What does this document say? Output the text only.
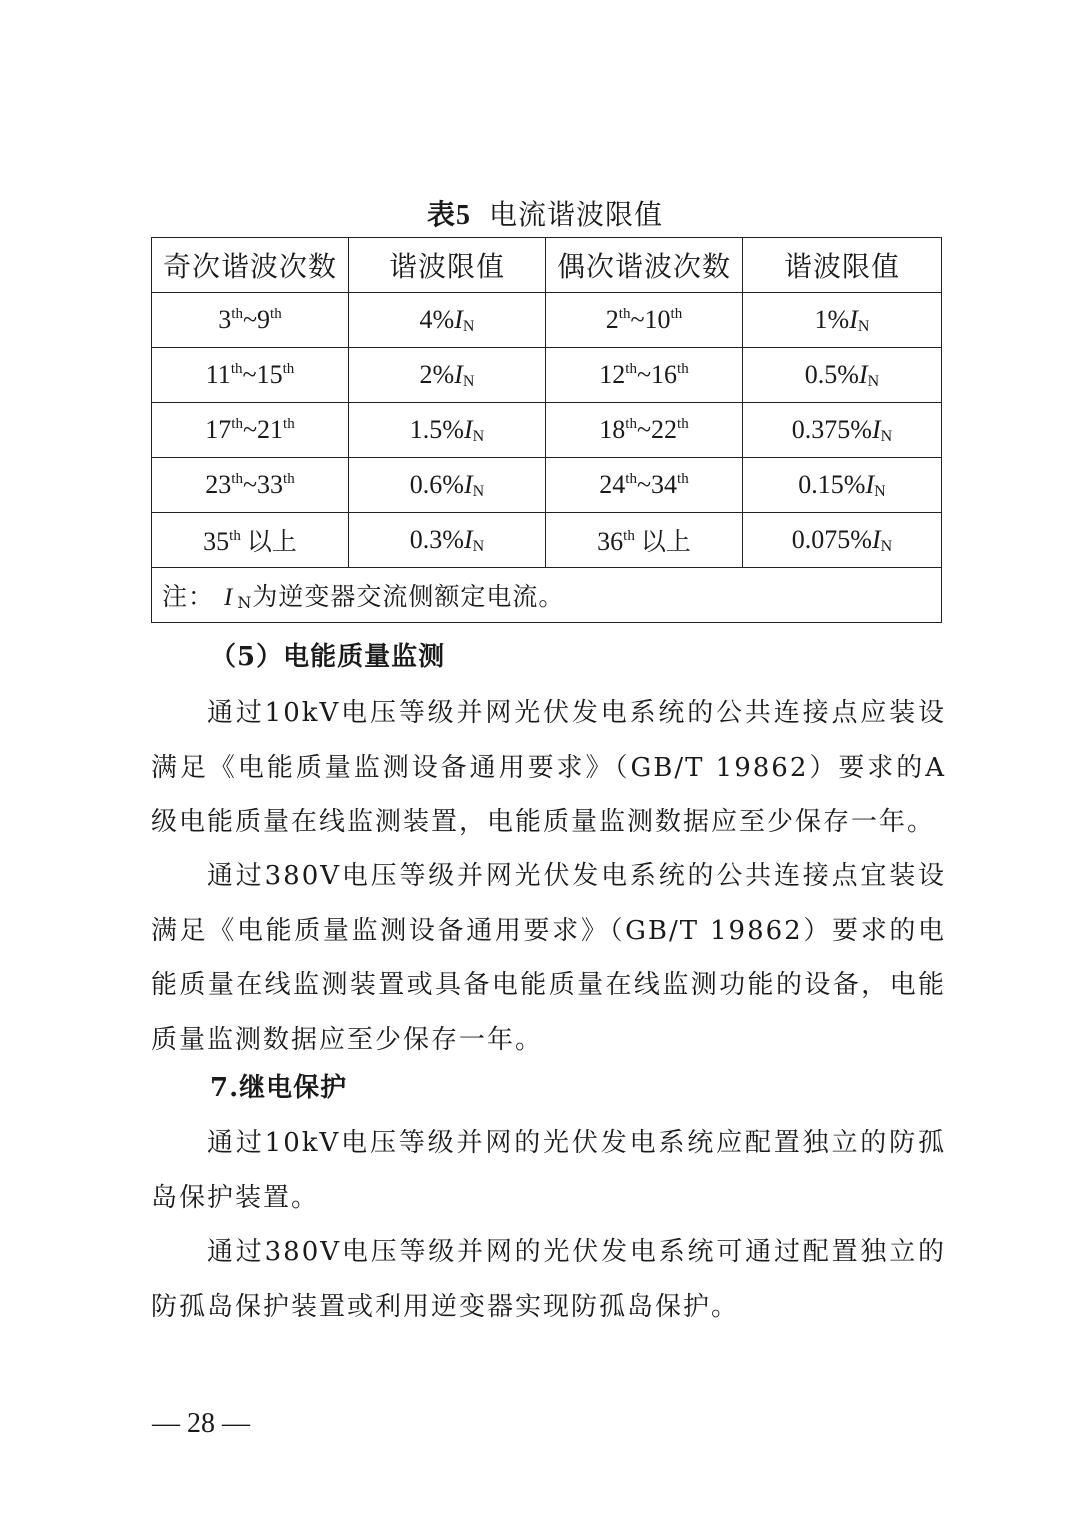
表5 电流谐波限值
奇次谐波次数	谐波限值	偶次谐波次数	谐波限值
3th~9th	$4\%I_N$	2th~10th	$1\%I_N$
11th~15th	$2\%I_N$	12th~16th	$0.5\%I_N$
17th~21th	$1.5\%I_N$	18th~22th	$0.375\%I_N$
23th~33th	$0.6\%I_N$	24th~34th	$0.15\%I_N$
35th 以上	$0.3\%I_N$	36th 以上	$0.075\%I_N$
注： I $_N$为逆变器交流侧额定电流。			
（5）电能质量监测
通过10kV电压等级并网光伏发电系统的公共连接点应装设满足《电能质量监测设备通用要求》（GB/T 19862）要求的A级电能质量在线监测装置，电能质量监测数据应至少保存一年。
通过380V电压等级并网光伏发电系统的公共连接点宜装设满足《电能质量监测设备通用要求》（GB/T 19862）要求的电能质量在线监测装置或具备电能质量在线监测功能的设备，电能质量监测数据应至少保存一年。
7.继电保护
通过10kV电压等级并网的光伏发电系统应配置独立的防孤岛保护装置。
通过380V电压等级并网的光伏发电系统可通过配置独立的防孤岛保护装置或利用逆变器实现防孤岛保护。
— 28 —
